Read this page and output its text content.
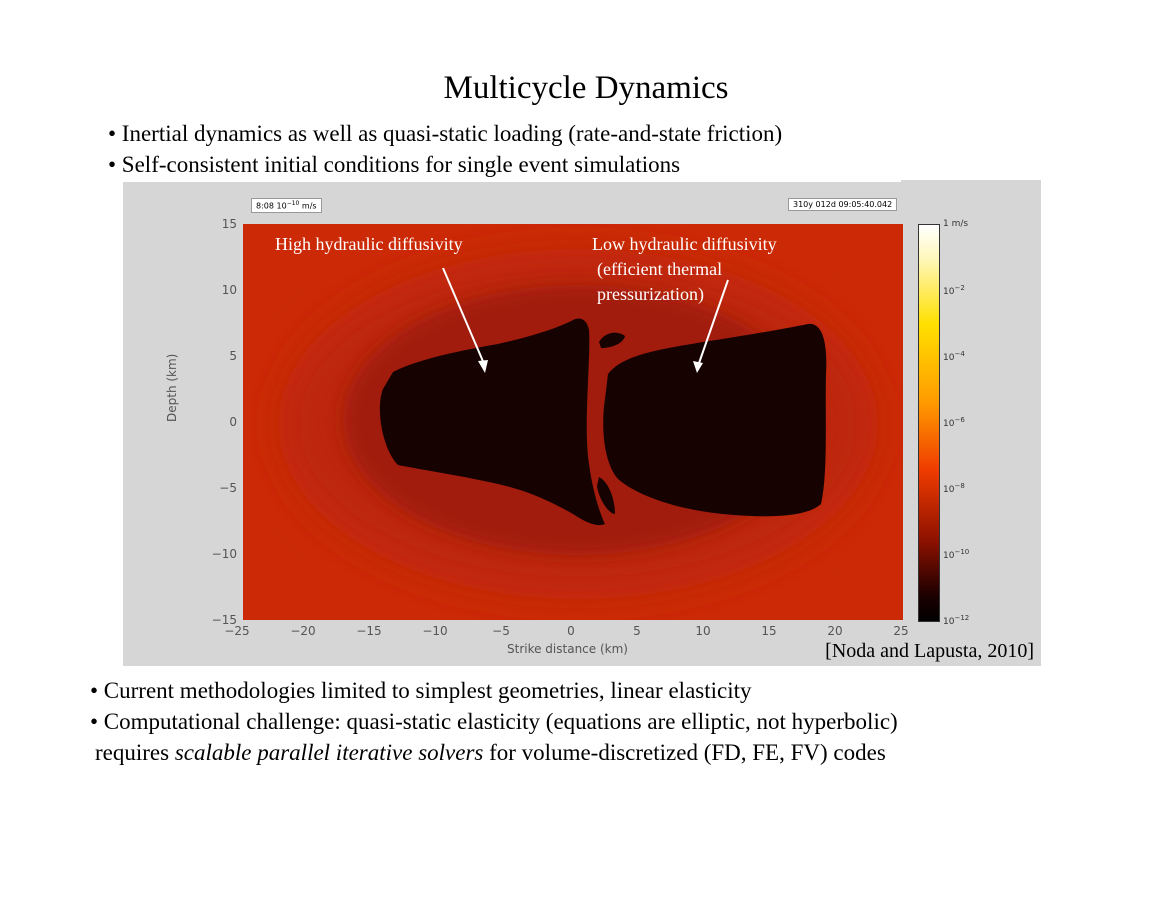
Multicycle Dynamics
• Inertial dynamics as well as quasi-static loading (rate-and-state friction)
• Self-consistent initial conditions for single event simulations
8:08 $10^{-10}$ m/s	310y 012d 09:05:40.042
High hydraulic diffusivity	Low hydraulic diffusivity
(efficient thermal
pressurization)
Depth (km)
Strike distance (km)
15
10
5
0
−5
−10
−15
−25	−20	−15	−10	−5	0	5	10	15	20	25
1 m/s
$10^{-2}$
$10^{-4}$
$10^{-6}$
$10^{-8}$
$10^{-10}$
$10^{-12}$
[Noda and Lapusta, 2010]
• Current methodologies limited to simplest geometries, linear elasticity
• Computational challenge: quasi-static elasticity (equations are elliptic, not hyperbolic)
requires scalable parallel iterative solvers for volume-discretized (FD, FE, FV) codes
